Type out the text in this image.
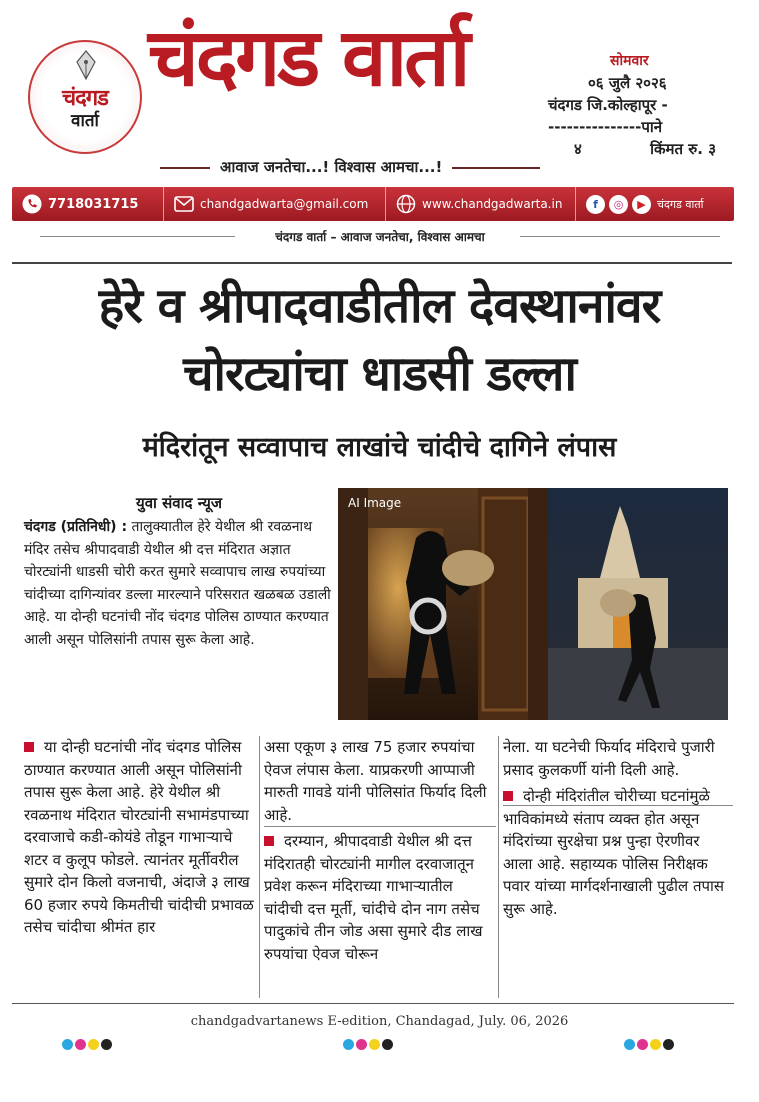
चंदगड
वार्ता
चंदगड वार्ता
आवाज जनतेचा...! विश्वास आमचा...!
सोमवार
०६ जुलै २०२६
चंदगड जि.कोल्हापूर -
---------------पाने
४	किंमत रु. ३
7718031715	chandgadwarta@gmail.com	www.chandgadwarta.in	f	◎	▶	चंदगड वार्ता
चंदगड वार्ता – आवाज जनतेचा, विश्वास आमचा
हेरे व श्रीपादवाडीतील देवस्थानांवर
चोरट्यांचा धाडसी डल्ला
मंदिरांतून सव्वापाच लाखांचे चांदीचे दागिने लंपास
युवा संवाद न्यूज
चंदगड (प्रतिनिधी) : तालुक्यातील हेरे येथील श्री रवळनाथ मंदिर तसेच श्रीपादवाडी येथील श्री दत्त मंदिरात अज्ञात चोरट्यांनी धाडसी चोरी करत सुमारे सव्वापाच लाख रुपयांच्या चांदीच्या दागिन्यांवर डल्ला मारल्याने परिसरात खळबळ उडाली आहे. या दोन्ही घटनांची नोंद चंदगड पोलिस ठाण्यात करण्यात आली असून पोलिसांनी तपास सुरू केला आहे.
AI Image

या दोन्ही घटनांची नोंद चंदगड पोलिस ठाण्यात करण्यात आली असून पोलिसांनी तपास सुरू केला आहे. हेरे येथील श्री रवळनाथ मंदिरात चोरट्यांनी सभामंडपाच्या दरवाजाचे कडी-कोयंडे तोडून गाभाऱ्याचे शटर व कुलूप फोडले. त्यानंतर मूर्तीवरील सुमारे दोन किलो वजनाची, अंदाजे ३ लाख 60 हजार रुपये किमतीची चांदीची प्रभावळ तसेच चांदीचा श्रीमंत हार

असा एकूण ३ लाख 75 हजार रुपयांचा ऐवज लंपास केला. याप्रकरणी आप्पाजी मारुती गावडे यांनी पोलिसांत फिर्याद दिली आहे.

दरम्यान, श्रीपादवाडी येथील श्री दत्त मंदिरातही चोरट्यांनी मागील दरवाजातून प्रवेश करून मंदिराच्या गाभाऱ्यातील चांदीची दत्त मूर्ती, चांदीचे दोन नाग तसेच पादुकांचे तीन जोड असा सुमारे दीड लाख रुपयांचा ऐवज चोरून

नेला. या घटनेची फिर्याद मंदिराचे पुजारी प्रसाद कुलकर्णी यांनी दिली आहे.

दोन्ही मंदिरांतील चोरीच्या घटनांमुळे भाविकांमध्ये संताप व्यक्त होत असून मंदिरांच्या सुरक्षेचा प्रश्न पुन्हा ऐरणीवर आला आहे. सहाय्यक पोलिस निरीक्षक पवार यांच्या मार्गदर्शनाखाली पुढील तपास सुरू आहे.

chandgadvartanews E-edition, Chandagad, July. 06, 2026
